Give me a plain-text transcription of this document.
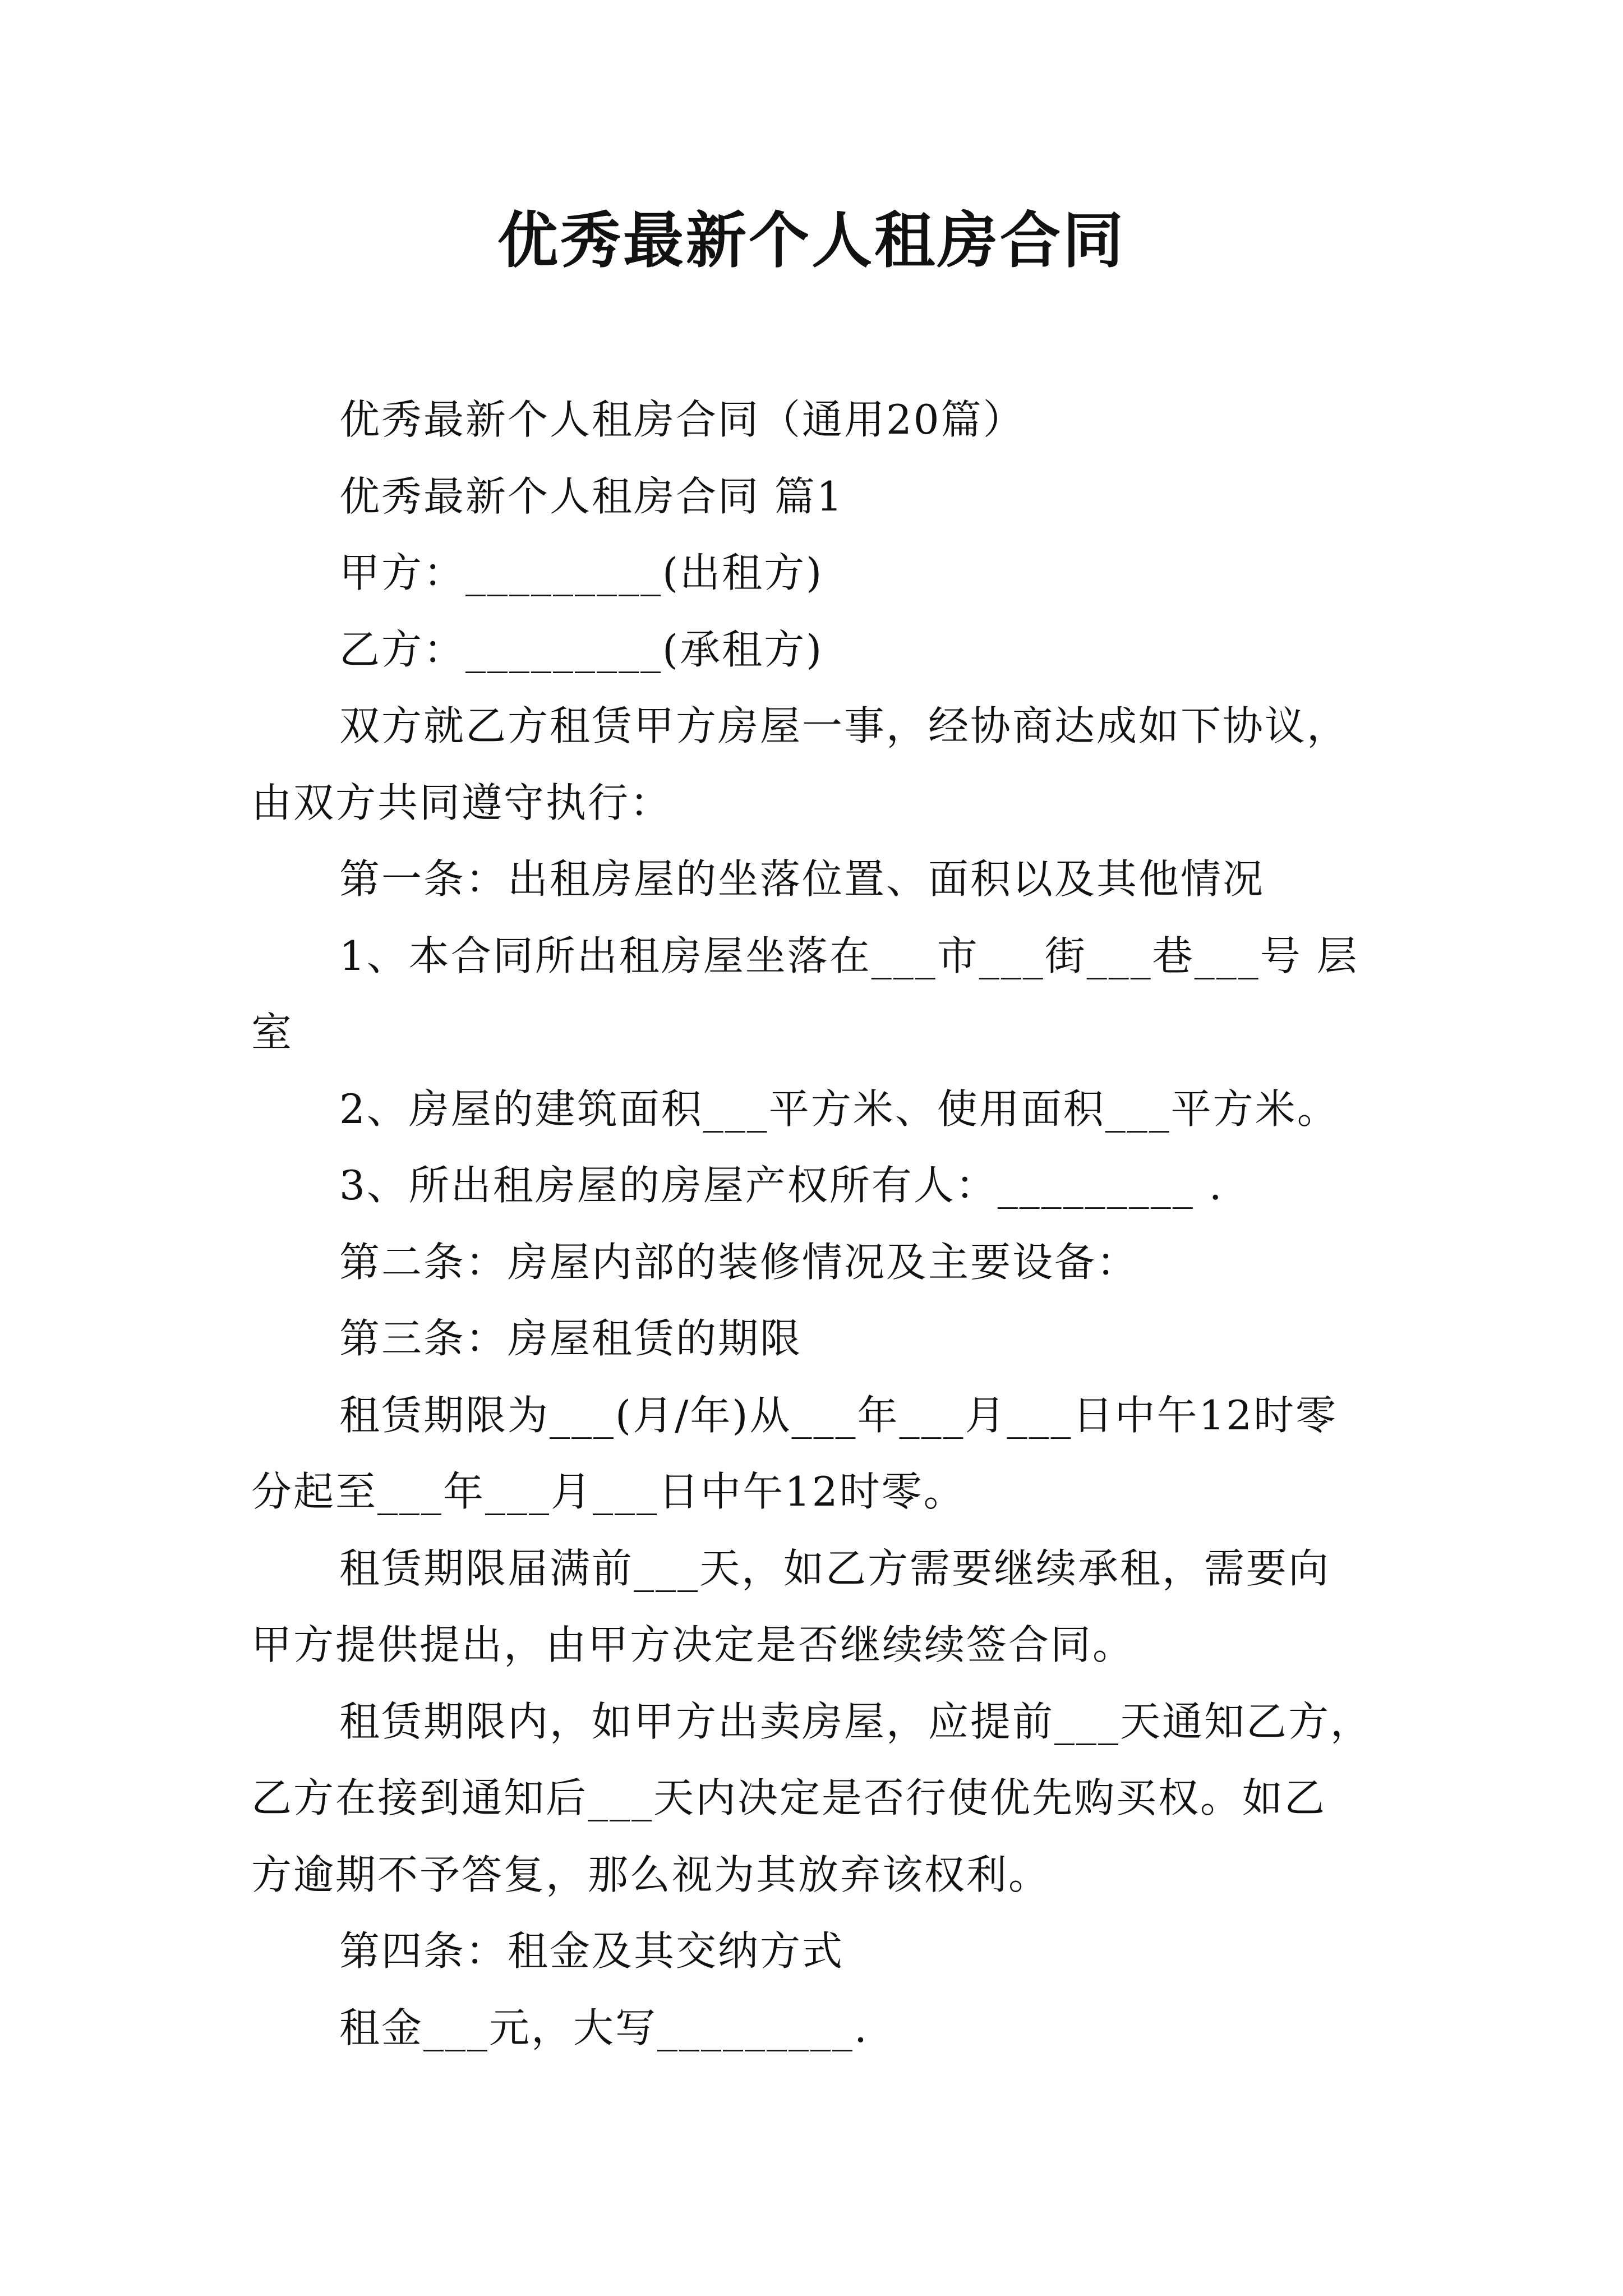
优秀最新个人租房合同
优秀最新个人租房合同（通用20篇）
优秀最新个人租房合同 篇1
甲方：_________(出租方)
乙方：_________(承租方)
双方就乙方租赁甲方房屋一事，经协商达成如下协议，
由双方共同遵守执行：
第一条：出租房屋的坐落位置、面积以及其他情况
1、本合同所出租房屋坐落在___市___街___巷___号 层
室
2、房屋的建筑面积___平方米、使用面积___平方米。
3、所出租房屋的房屋产权所有人：_________ .
第二条：房屋内部的装修情况及主要设备：
第三条：房屋租赁的期限
租赁期限为___(月/年)从___年___月___日中午12时零
分起至___年___月___日中午12时零。
租赁期限届满前___天，如乙方需要继续承租，需要向
甲方提供提出，由甲方决定是否继续续签合同。
租赁期限内，如甲方出卖房屋，应提前___天通知乙方，
乙方在接到通知后___天内决定是否行使优先购买权。如乙
方逾期不予答复，那么视为其放弃该权利。
第四条：租金及其交纳方式
租金___元，大写_________.
